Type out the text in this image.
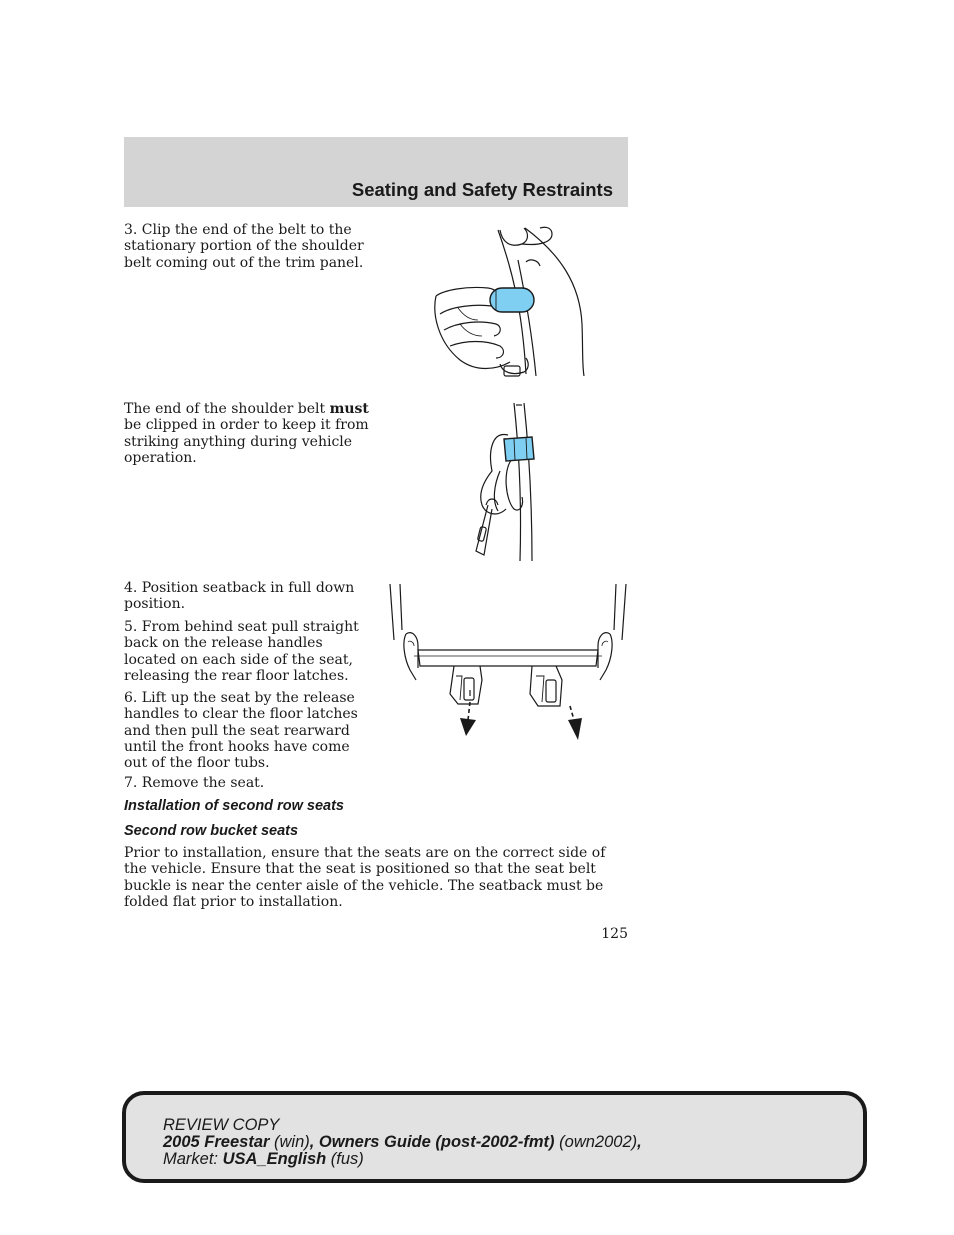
Seating and Safety Restraints

3. Clip the end of the belt to the stationary portion of the shoulder belt coming out of the trim panel.

The end of the shoulder belt must be clipped in order to keep it from striking anything during vehicle operation.

4. Position seatback in full down position.

5. From behind seat pull straight back on the release handles located on each side of the seat, releasing the rear floor latches.

6. Lift up the seat by the release handles to clear the floor latches and then pull the seat rearward until the front hooks have come out of the floor tubs.

7. Remove the seat.

Installation of second row seats
Second row bucket seats

Prior to installation, ensure that the seats are on the correct side of the vehicle. Ensure that the seat is positioned so that the seat belt buckle is near the center aisle of the vehicle. The seatback must be folded flat prior to installation.

125
REVIEW COPY
2005 Freestar (win), Owners Guide (post-2002-fmt) (own2002),
Market: USA_English (fus)
